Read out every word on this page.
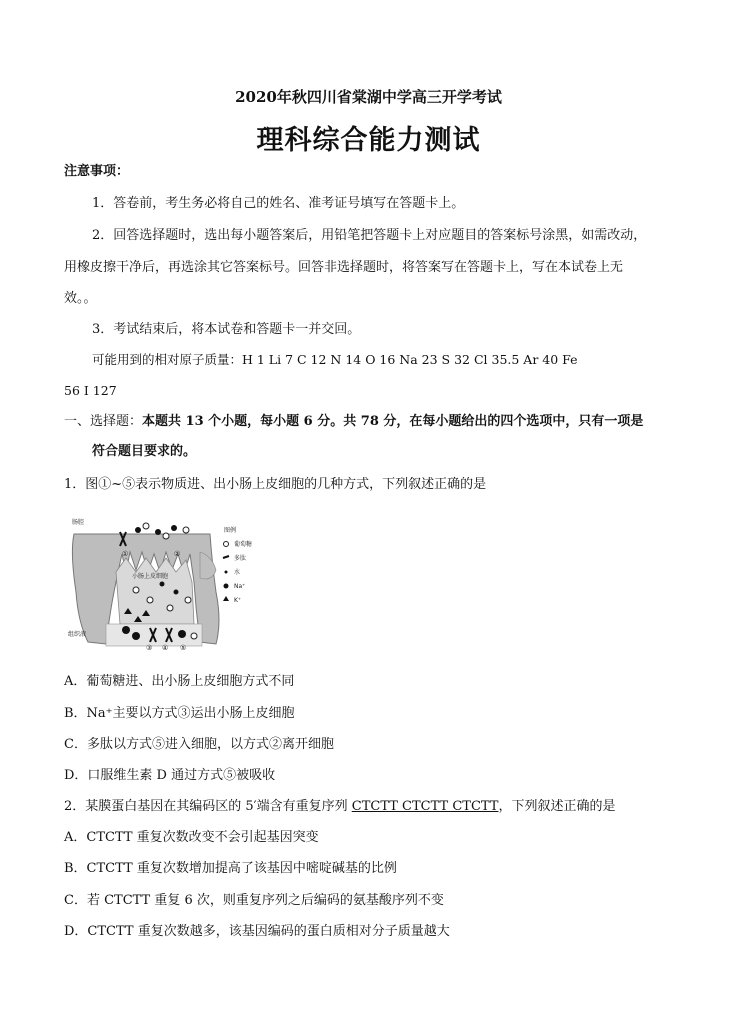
2020年秋四川省棠湖中学高三开学考试
理科综合能力测试
注意事项：
1．答卷前，考生务必将自己的姓名、准考证号填写在答题卡上。
2．回答选择题时，选出每小题答案后，用铅笔把答题卡上对应题目的答案标号涂黑，如需改动，
用橡皮擦干净后，再选涂其它答案标号。回答非选择题时，将答案写在答题卡上，写在本试卷上无
效。。
3．考试结束后，将本试卷和答题卡一并交回。
可能用到的相对原子质量：H 1 Li 7 C 12 N 14 O 16 Na 23 S 32 Cl 35.5 Ar 40 Fe
56 I 127
一、选择题：本题共 13 个小题，每小题 6 分。共 78 分，在每小题给出的四个选项中，只有一项是
符合题目要求的。
1．图①~⑤表示物质进、出小肠上皮细胞的几种方式，下列叙述正确的是
①	②
③ ④ ⑤
肠腔
小肠上皮细胞
组织液
图例
葡萄糖
多肽
水
Na⁺
K⁺
A．葡萄糖进、出小肠上皮细胞方式不同
B．Na⁺主要以方式③运出小肠上皮细胞
C．多肽以方式⑤进入细胞，以方式②离开细胞
D．口服维生素 D 通过方式⑤被吸收
2．某膜蛋白基因在其编码区的 5′端含有重复序列 CTCTT CTCTT CTCTT，下列叙述正确的是
A．CTCTT 重复次数改变不会引起基因突变
B．CTCTT 重复次数增加提高了该基因中嘧啶碱基的比例
C．若 CTCTT 重复 6 次，则重复序列之后编码的氨基酸序列不变
D．CTCTT 重复次数越多，该基因编码的蛋白质相对分子质量越大
